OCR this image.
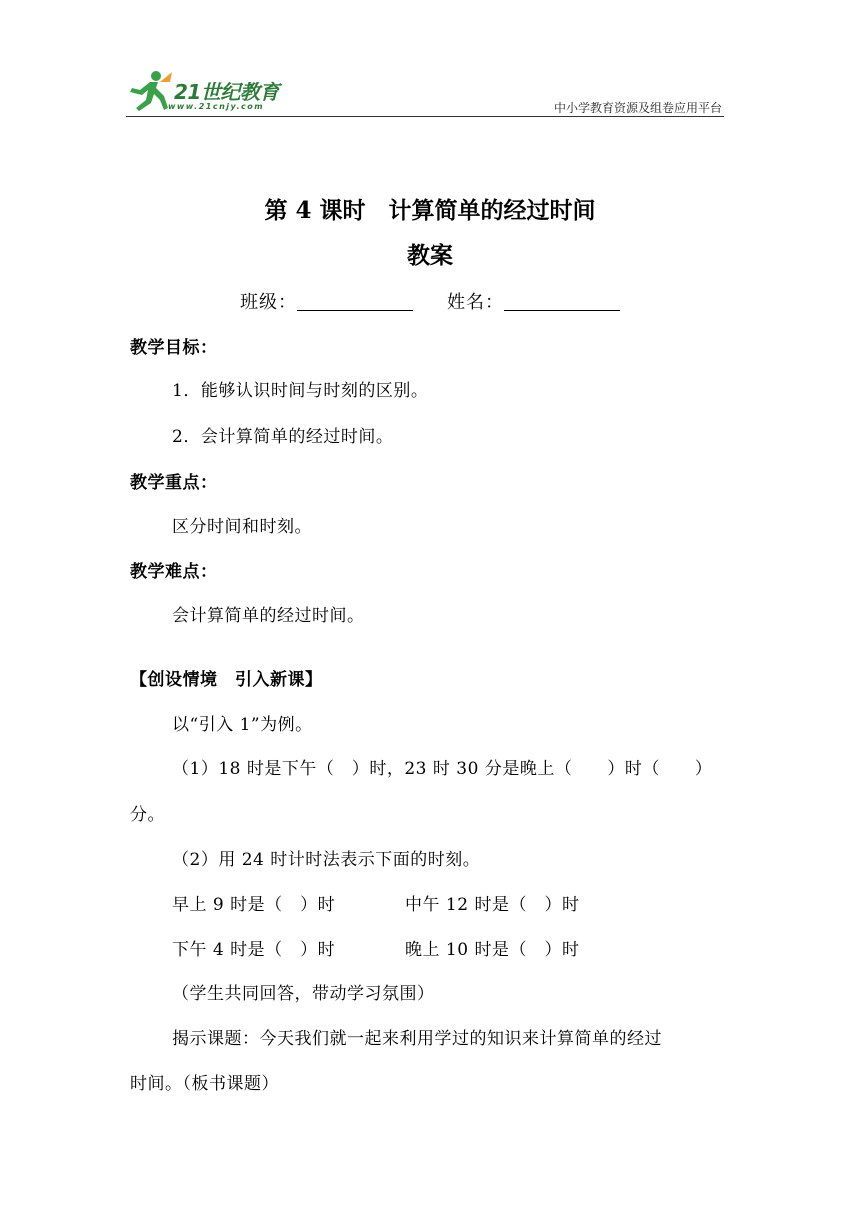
21世纪教育
www.21cnjy.com	中小学教育资源及组卷应用平台
第 4 课时　计算简单的经过时间
教案
班级：	姓名：
教学目标：
1．能够认识时间与时刻的区别。
2．会计算简单的经过时间。
教学重点：
区分时间和时刻。
教学难点：
会计算简单的经过时间。
【创设情境　引入新课】
以“引入 1”为例。
（1）18 时是下午（　）时，23 时 30 分是晚上（　　）时（　　）
分。
（2）用 24 时计时法表示下面的时刻。
早上 9 时是（　）时	中午 12 时是（　）时
下午 4 时是（　）时	晚上 10 时是（　）时
（学生共同回答，带动学习氛围）
揭示课题：今天我们就一起来利用学过的知识来计算简单的经过
时间。（板书课题）
